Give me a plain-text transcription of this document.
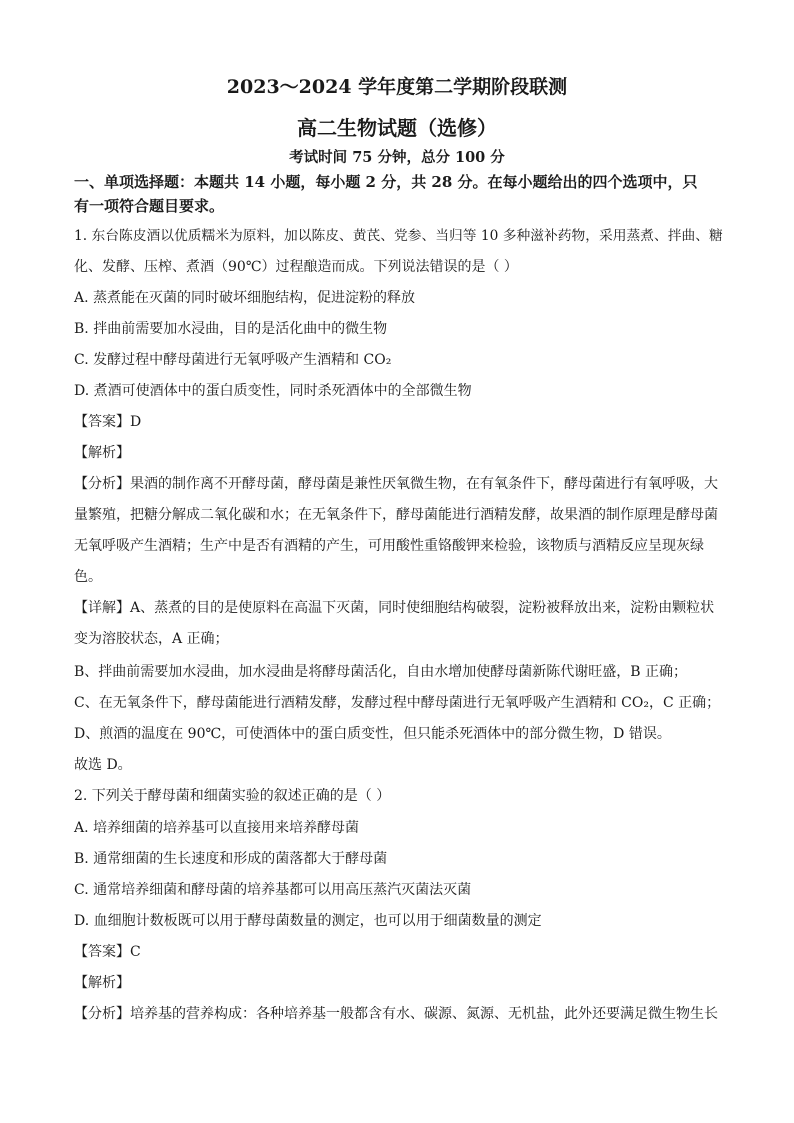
2023～2024 学年度第二学期阶段联测
高二生物试题（选修）
考试时间 75 分钟，总分 100 分
一、单项选择题：本题共 14 小题，每小题 2 分，共 28 分。在每小题给出的四个选项中，只
有一项符合题目要求。
1. 东台陈皮酒以优质糯米为原料，加以陈皮、黄芪、党参、当归等 10 多种滋补药物，采用蒸煮、拌曲、糖
化、发酵、压榨、煮酒（90℃）过程酿造而成。下列说法错误的是（ ）
A. 蒸煮能在灭菌的同时破坏细胞结构，促进淀粉的释放
B. 拌曲前需要加水浸曲，目的是活化曲中的微生物
C. 发酵过程中酵母菌进行无氧呼吸产生酒精和 CO₂
D. 煮酒可使酒体中的蛋白质变性，同时杀死酒体中的全部微生物
【答案】D
【解析】
【分析】果酒的制作离不开酵母菌，酵母菌是兼性厌氧微生物，在有氧条件下，酵母菌进行有氧呼吸，大
量繁殖，把糖分解成二氧化碳和水；在无氧条件下，酵母菌能进行酒精发酵，故果酒的制作原理是酵母菌
无氧呼吸产生酒精；生产中是否有酒精的产生，可用酸性重铬酸钾来检验，该物质与酒精反应呈现灰绿
色。
【详解】A、蒸煮的目的是使原料在高温下灭菌，同时使细胞结构破裂，淀粉被释放出来，淀粉由颗粒状
变为溶胶状态，A 正确；
B、拌曲前需要加水浸曲，加水浸曲是将酵母菌活化，自由水增加使酵母菌新陈代谢旺盛，B 正确；
C、在无氧条件下，酵母菌能进行酒精发酵，发酵过程中酵母菌进行无氧呼吸产生酒精和 CO₂，C 正确；
D、煎酒的温度在 90℃，可使酒体中的蛋白质变性，但只能杀死酒体中的部分微生物，D 错误。
故选 D。
2. 下列关于酵母菌和细菌实验的叙述正确的是（ ）
A. 培养细菌的培养基可以直接用来培养酵母菌
B. 通常细菌的生长速度和形成的菌落都大于酵母菌
C. 通常培养细菌和酵母菌的培养基都可以用高压蒸汽灭菌法灭菌
D. 血细胞计数板既可以用于酵母菌数量的测定，也可以用于细菌数量的测定
【答案】C
【解析】
【分析】培养基的营养构成：各种培养基一般都含有水、碳源、氮源、无机盐，此外还要满足微生物生长
